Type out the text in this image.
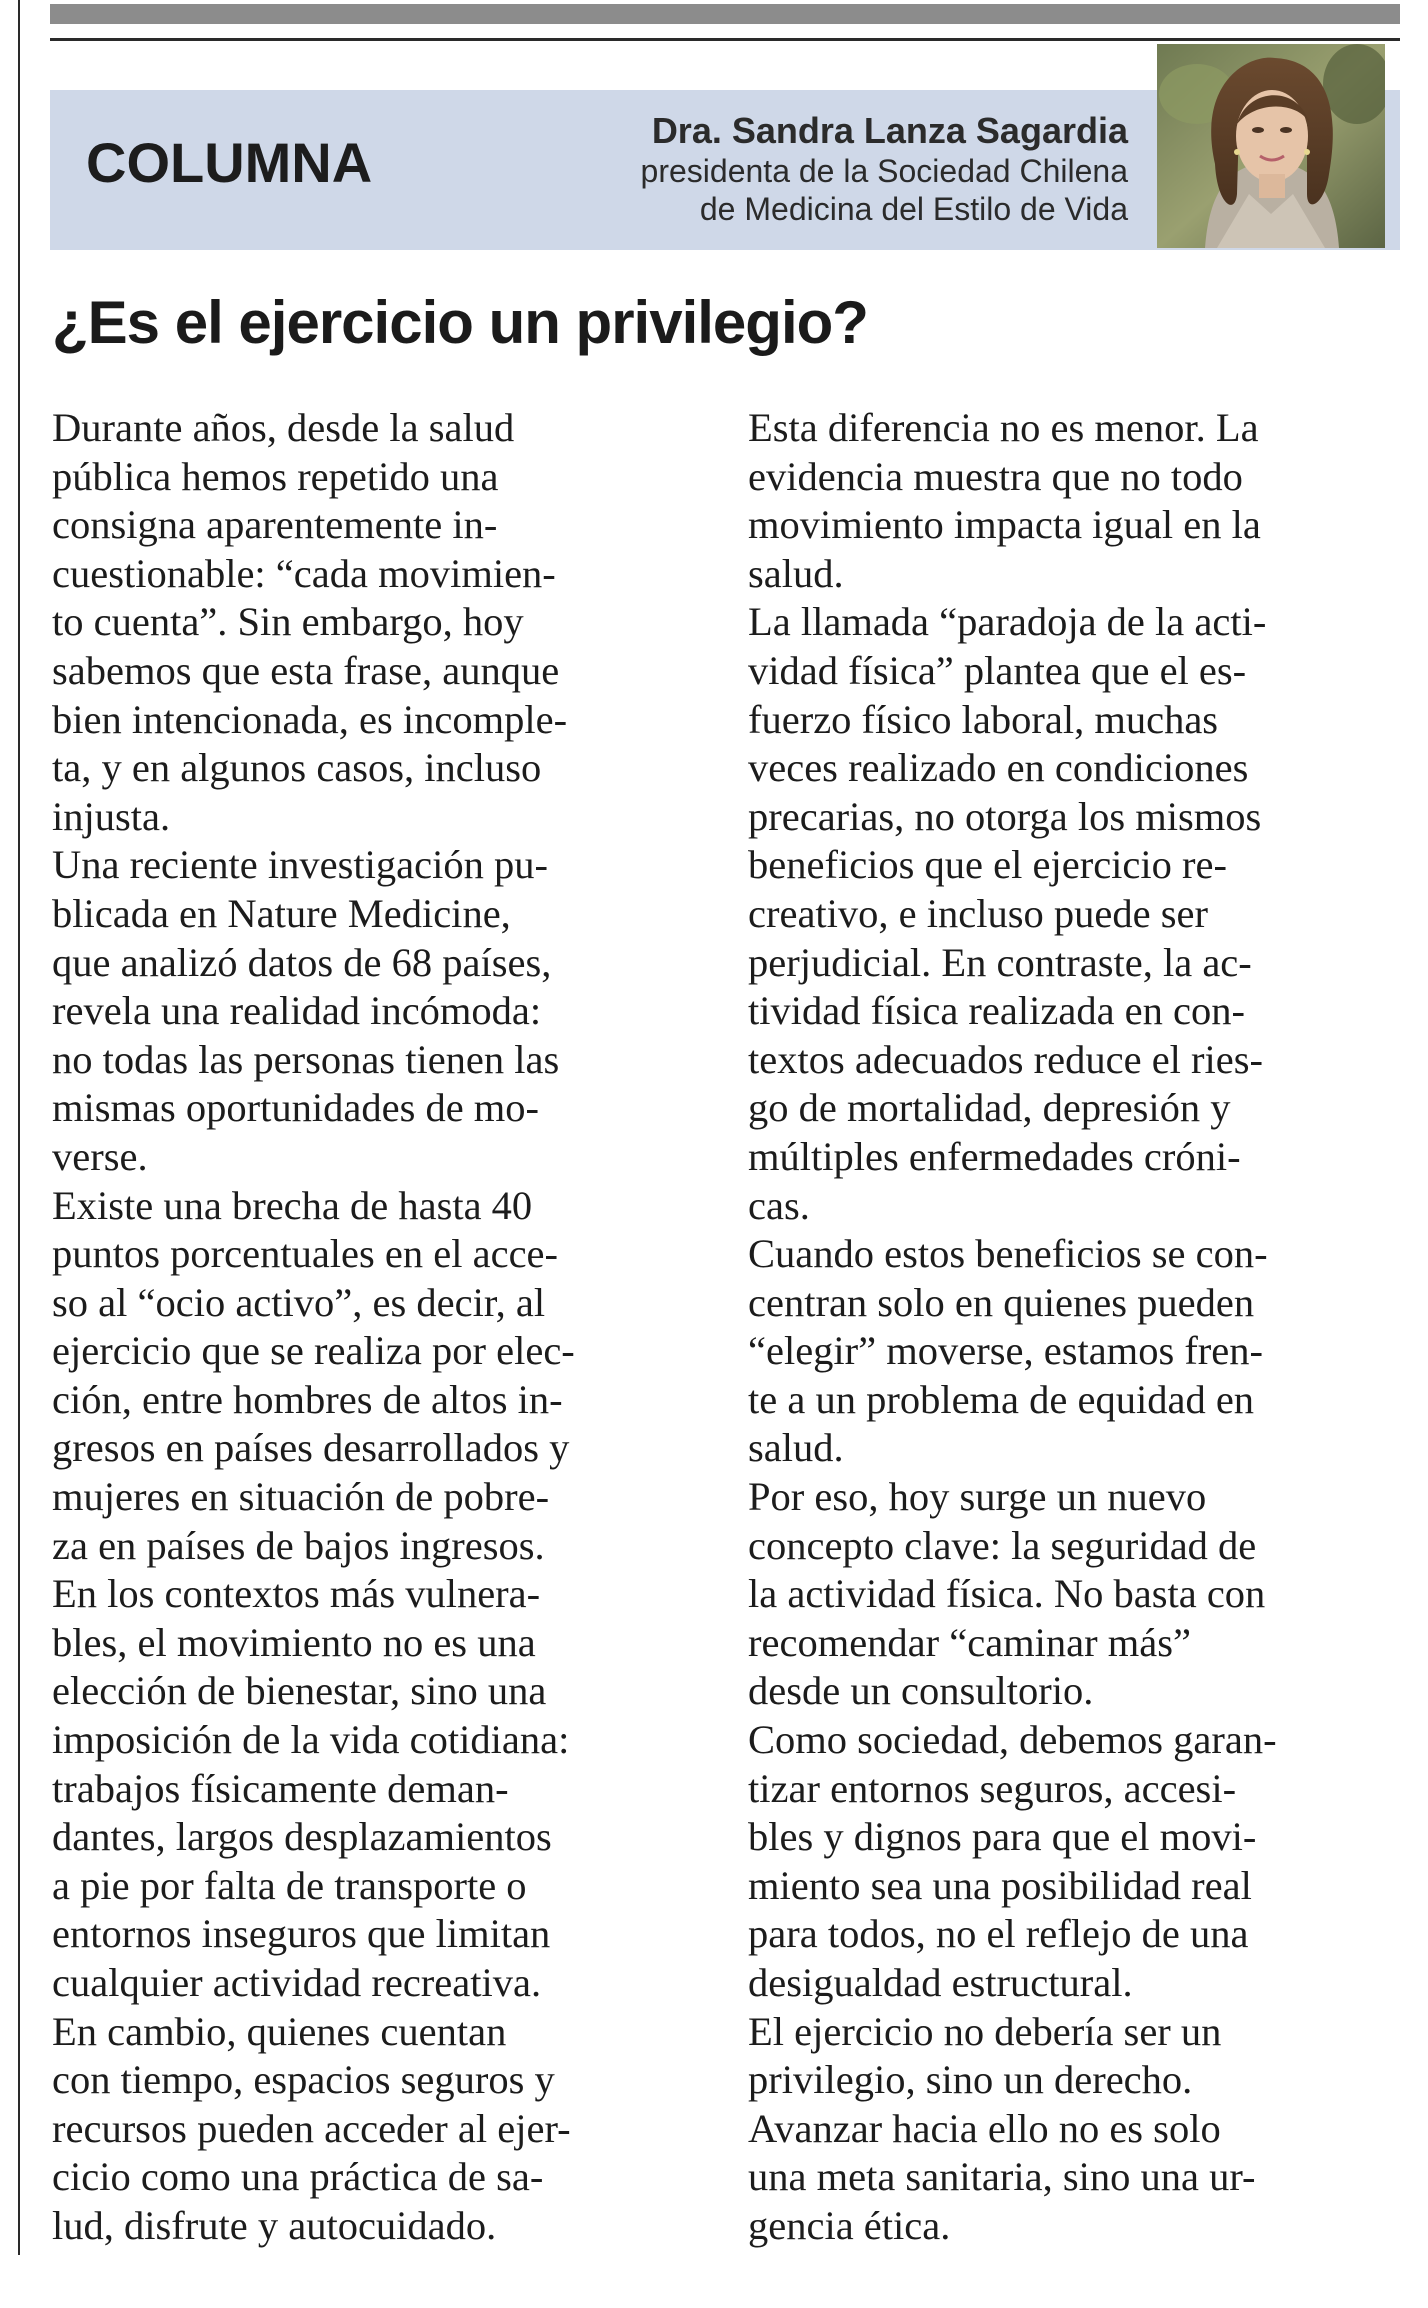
COLUMNA
Dra. Sandra Lanza Sagardia
presidenta de la Sociedad Chilena
de Medicina del Estilo de Vida
¿Es el ejercicio un privilegio?
Durante años, desde la salud
pública hemos repetido una
consigna aparentemente in-
cuestionable: “cada movimien-
to cuenta”. Sin embargo, hoy
sabemos que esta frase, aunque
bien intencionada, es incomple-
ta, y en algunos casos, incluso
injusta.
Una reciente investigación pu-
blicada en Nature Medicine,
que analizó datos de 68 países,
revela una realidad incómoda:
no todas las personas tienen las
mismas oportunidades de mo-
verse.
Existe una brecha de hasta 40
puntos porcentuales en el acce-
so al “ocio activo”, es decir, al
ejercicio que se realiza por elec-
ción, entre hombres de altos in-
gresos en países desarrollados y
mujeres en situación de pobre-
za en países de bajos ingresos.
En los contextos más vulnera-
bles, el movimiento no es una
elección de bienestar, sino una
imposición de la vida cotidiana:
trabajos físicamente deman-
dantes, largos desplazamientos
a pie por falta de transporte o
entornos inseguros que limitan
cualquier actividad recreativa.
En cambio, quienes cuentan
con tiempo, espacios seguros y
recursos pueden acceder al ejer-
cicio como una práctica de sa-
lud, disfrute y autocuidado.
Esta diferencia no es menor. La
evidencia muestra que no todo
movimiento impacta igual en la
salud.
La llamada “paradoja de la acti-
vidad física” plantea que el es-
fuerzo físico laboral, muchas
veces realizado en condiciones
precarias, no otorga los mismos
beneficios que el ejercicio re-
creativo, e incluso puede ser
perjudicial. En contraste, la ac-
tividad física realizada en con-
textos adecuados reduce el ries-
go de mortalidad, depresión y
múltiples enfermedades cróni-
cas.
Cuando estos beneficios se con-
centran solo en quienes pueden
“elegir” moverse, estamos fren-
te a un problema de equidad en
salud.
Por eso, hoy surge un nuevo
concepto clave: la seguridad de
la actividad física. No basta con
recomendar “caminar más”
desde un consultorio.
Como sociedad, debemos garan-
tizar entornos seguros, accesi-
bles y dignos para que el movi-
miento sea una posibilidad real
para todos, no el reflejo de una
desigualdad estructural.
El ejercicio no debería ser un
privilegio, sino un derecho.
Avanzar hacia ello no es solo
una meta sanitaria, sino una ur-
gencia ética.
